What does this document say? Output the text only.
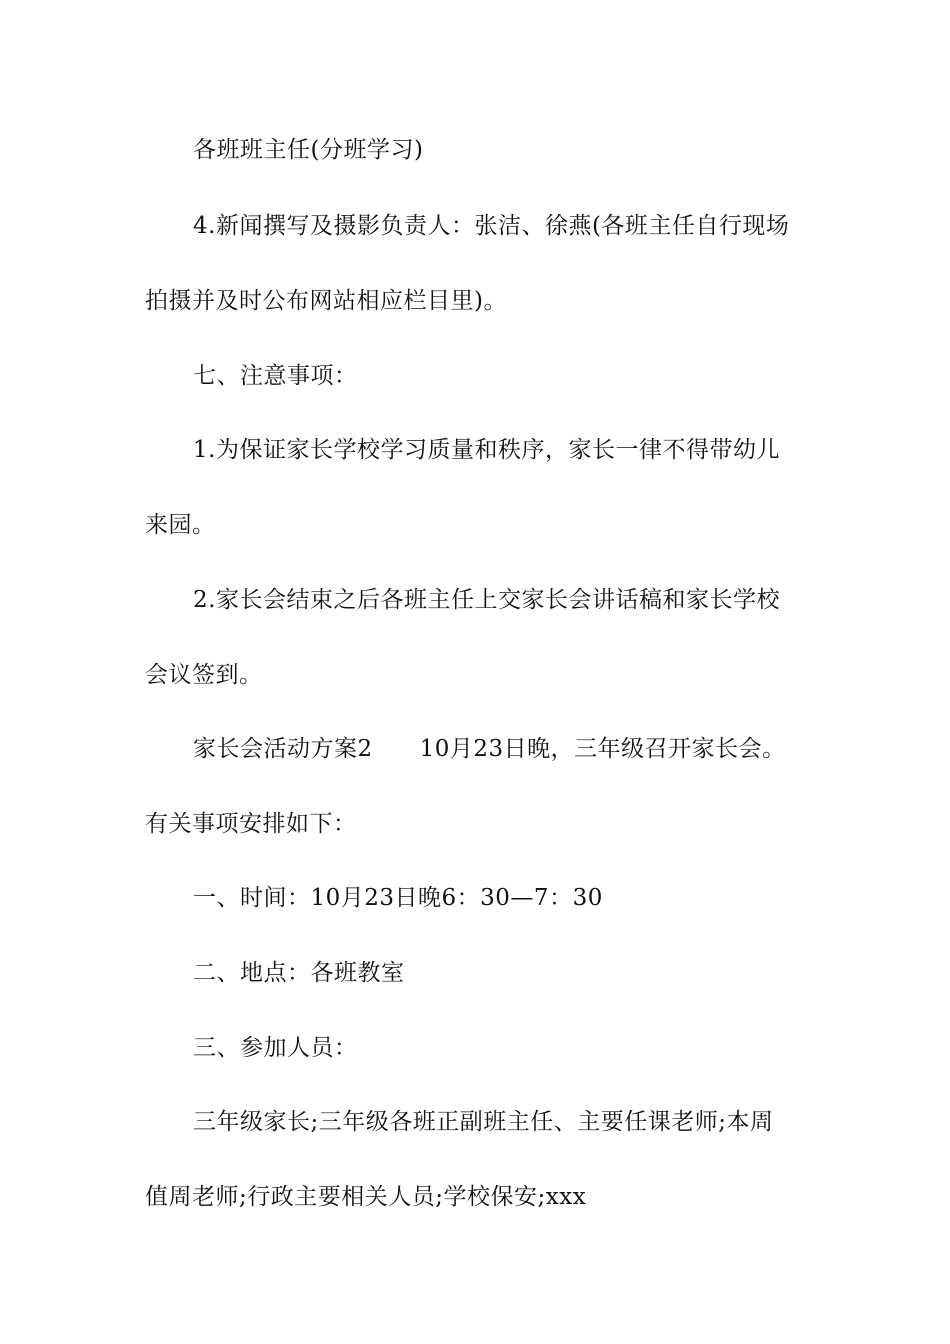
各班班主任(分班学习)
4.新闻撰写及摄影负责人：张洁、徐燕(各班主任自行现场
拍摄并及时公布网站相应栏目里)。
七、注意事项：
1.为保证家长学校学习质量和秩序，家长一律不得带幼儿
来园。
2.家长会结束之后各班主任上交家长会讲话稿和家长学校
会议签到。
家长会活动方案2　　10月23日晚，三年级召开家长会。
有关事项安排如下：
一、时间：10月23日晚6：30—7：30
二、地点：各班教室
三、参加人员：
三年级家长;三年级各班正副班主任、主要任课老师;本周
值周老师;行政主要相关人员;学校保安;xxx
